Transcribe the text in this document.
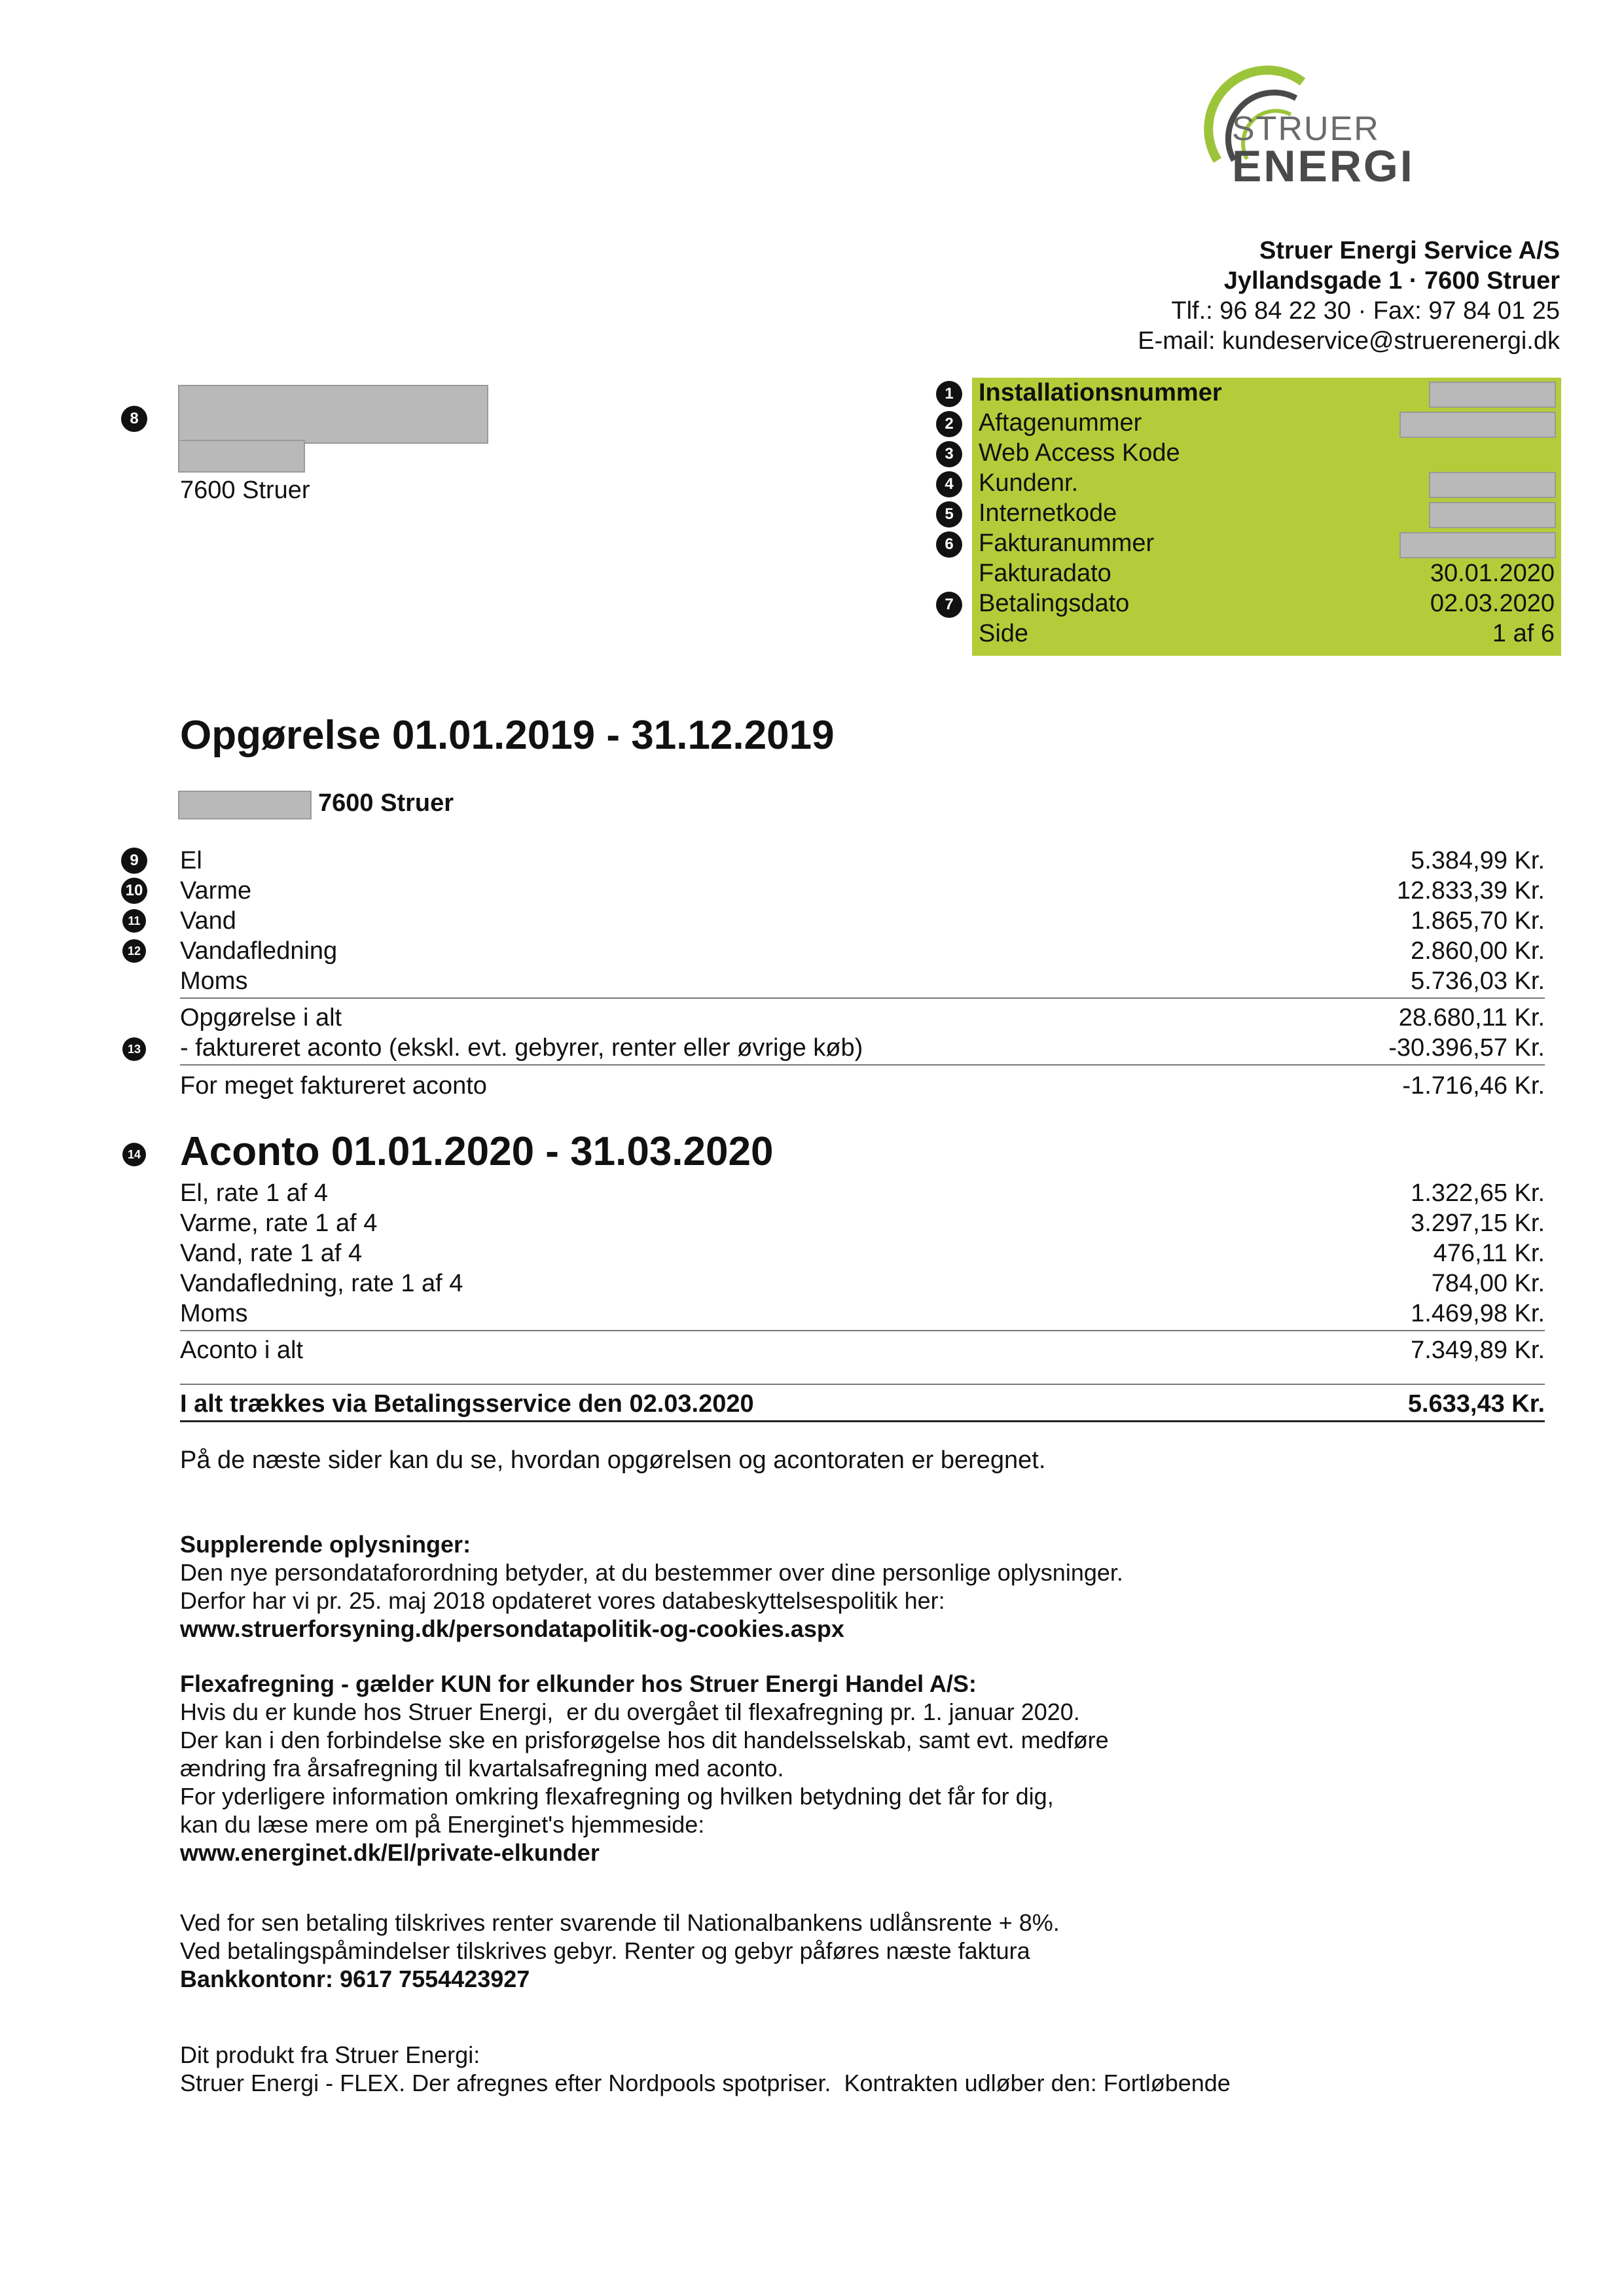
STRUER
ENERGI
Struer Energi Service A/S
Jyllandsgade 1 · 7600 Struer
Tlf.: 96 84 22 30 · Fax: 97 84 01 25
E-mail: kundeservice@struerenergi.dk
8
7600 Struer
Installationsnummer
Aftagenummer
Web Access Kode
Kundenr.
Internetkode
Fakturanummer
Fakturadato	30.01.2020
Betalingsdato	02.03.2020
Side	1 af 6
1
2
3
4
5
6
7
Opgørelse 01.01.2019 - 31.12.2019
7600 Struer
9
10
11
12
El	5.384,99 Kr.
Varme	12.833,39 Kr.
Vand	1.865,70 Kr.
Vandafledning	2.860,00 Kr.
Moms	5.736,03 Kr.
Opgørelse i alt	28.680,11 Kr.
13 - faktureret aconto (ekskl. evt. gebyrer, renter eller øvrige køb)	-30.396,57 Kr.
For meget faktureret aconto	-1.716,46 Kr.
14 Aconto 01.01.2020 - 31.03.2020
El, rate 1 af 4	1.322,65 Kr.
Varme, rate 1 af 4	3.297,15 Kr.
Vand, rate 1 af 4	476,11 Kr.
Vandafledning, rate 1 af 4	784,00 Kr.
Moms	1.469,98 Kr.
Aconto i alt	7.349,89 Kr.
I alt trækkes via Betalingsservice den 02.03.2020	5.633,43 Kr.
På de næste sider kan du se, hvordan opgørelsen og acontoraten er beregnet.
Supplerende oplysninger:
Den nye persondataforordning betyder, at du bestemmer over dine personlige oplysninger.
Derfor har vi pr. 25. maj 2018 opdateret vores databeskyttelsespolitik her:
www.struerforsyning.dk/persondatapolitik-og-cookies.aspx
Flexafregning - gælder KUN for elkunder hos Struer Energi Handel A/S:
Hvis du er kunde hos Struer Energi,  er du overgået til flexafregning pr. 1. januar 2020.
Der kan i den forbindelse ske en prisforøgelse hos dit handelsselskab, samt evt. medføre
ændring fra årsafregning til kvartalsafregning med aconto.
For yderligere information omkring flexafregning og hvilken betydning det får for dig,
kan du læse mere om på Energinet's hjemmeside:
www.energinet.dk/El/private-elkunder
Ved for sen betaling tilskrives renter svarende til Nationalbankens udlånsrente + 8%.
Ved betalingspåmindelser tilskrives gebyr. Renter og gebyr påføres næste faktura
Bankkontonr: 9617 7554423927
Dit produkt fra Struer Energi:
Struer Energi - FLEX. Der afregnes efter Nordpools spotpriser.  Kontrakten udløber den: Fortløbende
